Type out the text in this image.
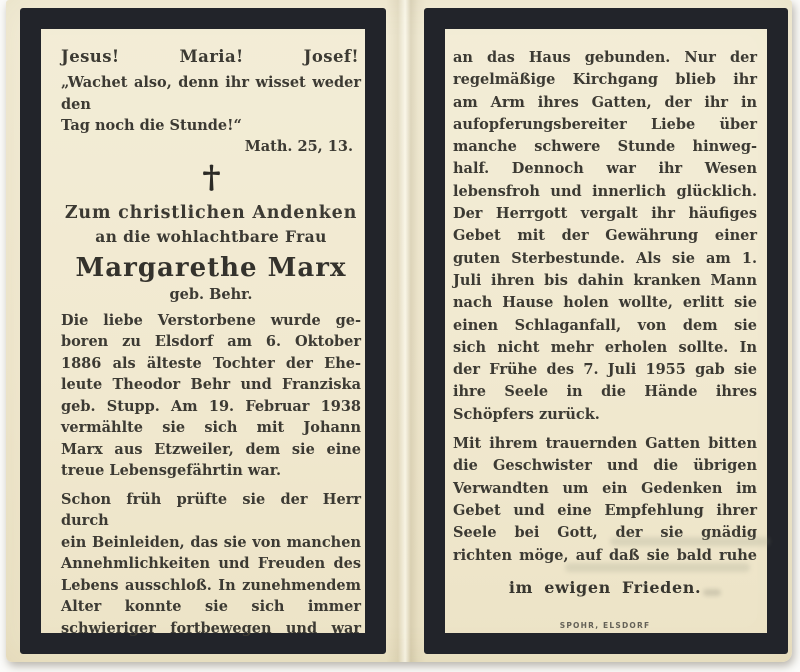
Jesus!	Maria!	Josef!
„Wachet also, denn ihr wisset weder den
Tag noch die Stunde!“
Math. 25, 13.
Zum christlichen Andenken
an die wohlachtbare Frau
Margarethe Marx
geb. Behr.
Die liebe Verstorbene wurde ge-
boren zu Elsdorf am 6. Oktober
1886 als älteste Tochter der Ehe-
leute Theodor Behr und Franziska
geb. Stupp. Am 19. Februar 1938
vermählte sie sich mit Johann
Marx aus Etzweiler, dem sie eine
treue Lebensgefährtin war.
Schon früh prüfte sie der Herr durch
ein Beinleiden, das sie von manchen
Annehmlichkeiten und Freuden des
Lebens ausschloß. In zunehmendem
Alter konnte sie sich immer
schwieriger fortbewegen und war
an das Haus gebunden. Nur der
regelmäßige Kirchgang blieb ihr
am Arm ihres Gatten, der ihr in
aufopferungsbereiter Liebe über
manche schwere Stunde hinweg-
half. Dennoch war ihr Wesen
lebensfroh und innerlich glücklich.
Der Herrgott vergalt ihr häufiges
Gebet mit der Gewährung einer
guten Sterbestunde. Als sie am 1.
Juli ihren bis dahin kranken Mann
nach Hause holen wollte, erlitt sie
einen Schlaganfall, von dem sie
sich nicht mehr erholen sollte. In
der Frühe des 7. Juli 1955 gab sie
ihre Seele in die Hände ihres
Schöpfers zurück.
Mit ihrem trauernden Gatten bitten
die Geschwister und die übrigen
Verwandten um ein Gedenken im
Gebet und eine Empfehlung ihrer
Seele bei Gott, der sie gnädig
richten möge, auf daß sie bald ruhe
im ewigen Frieden.
SPOHR, ELSDORF
